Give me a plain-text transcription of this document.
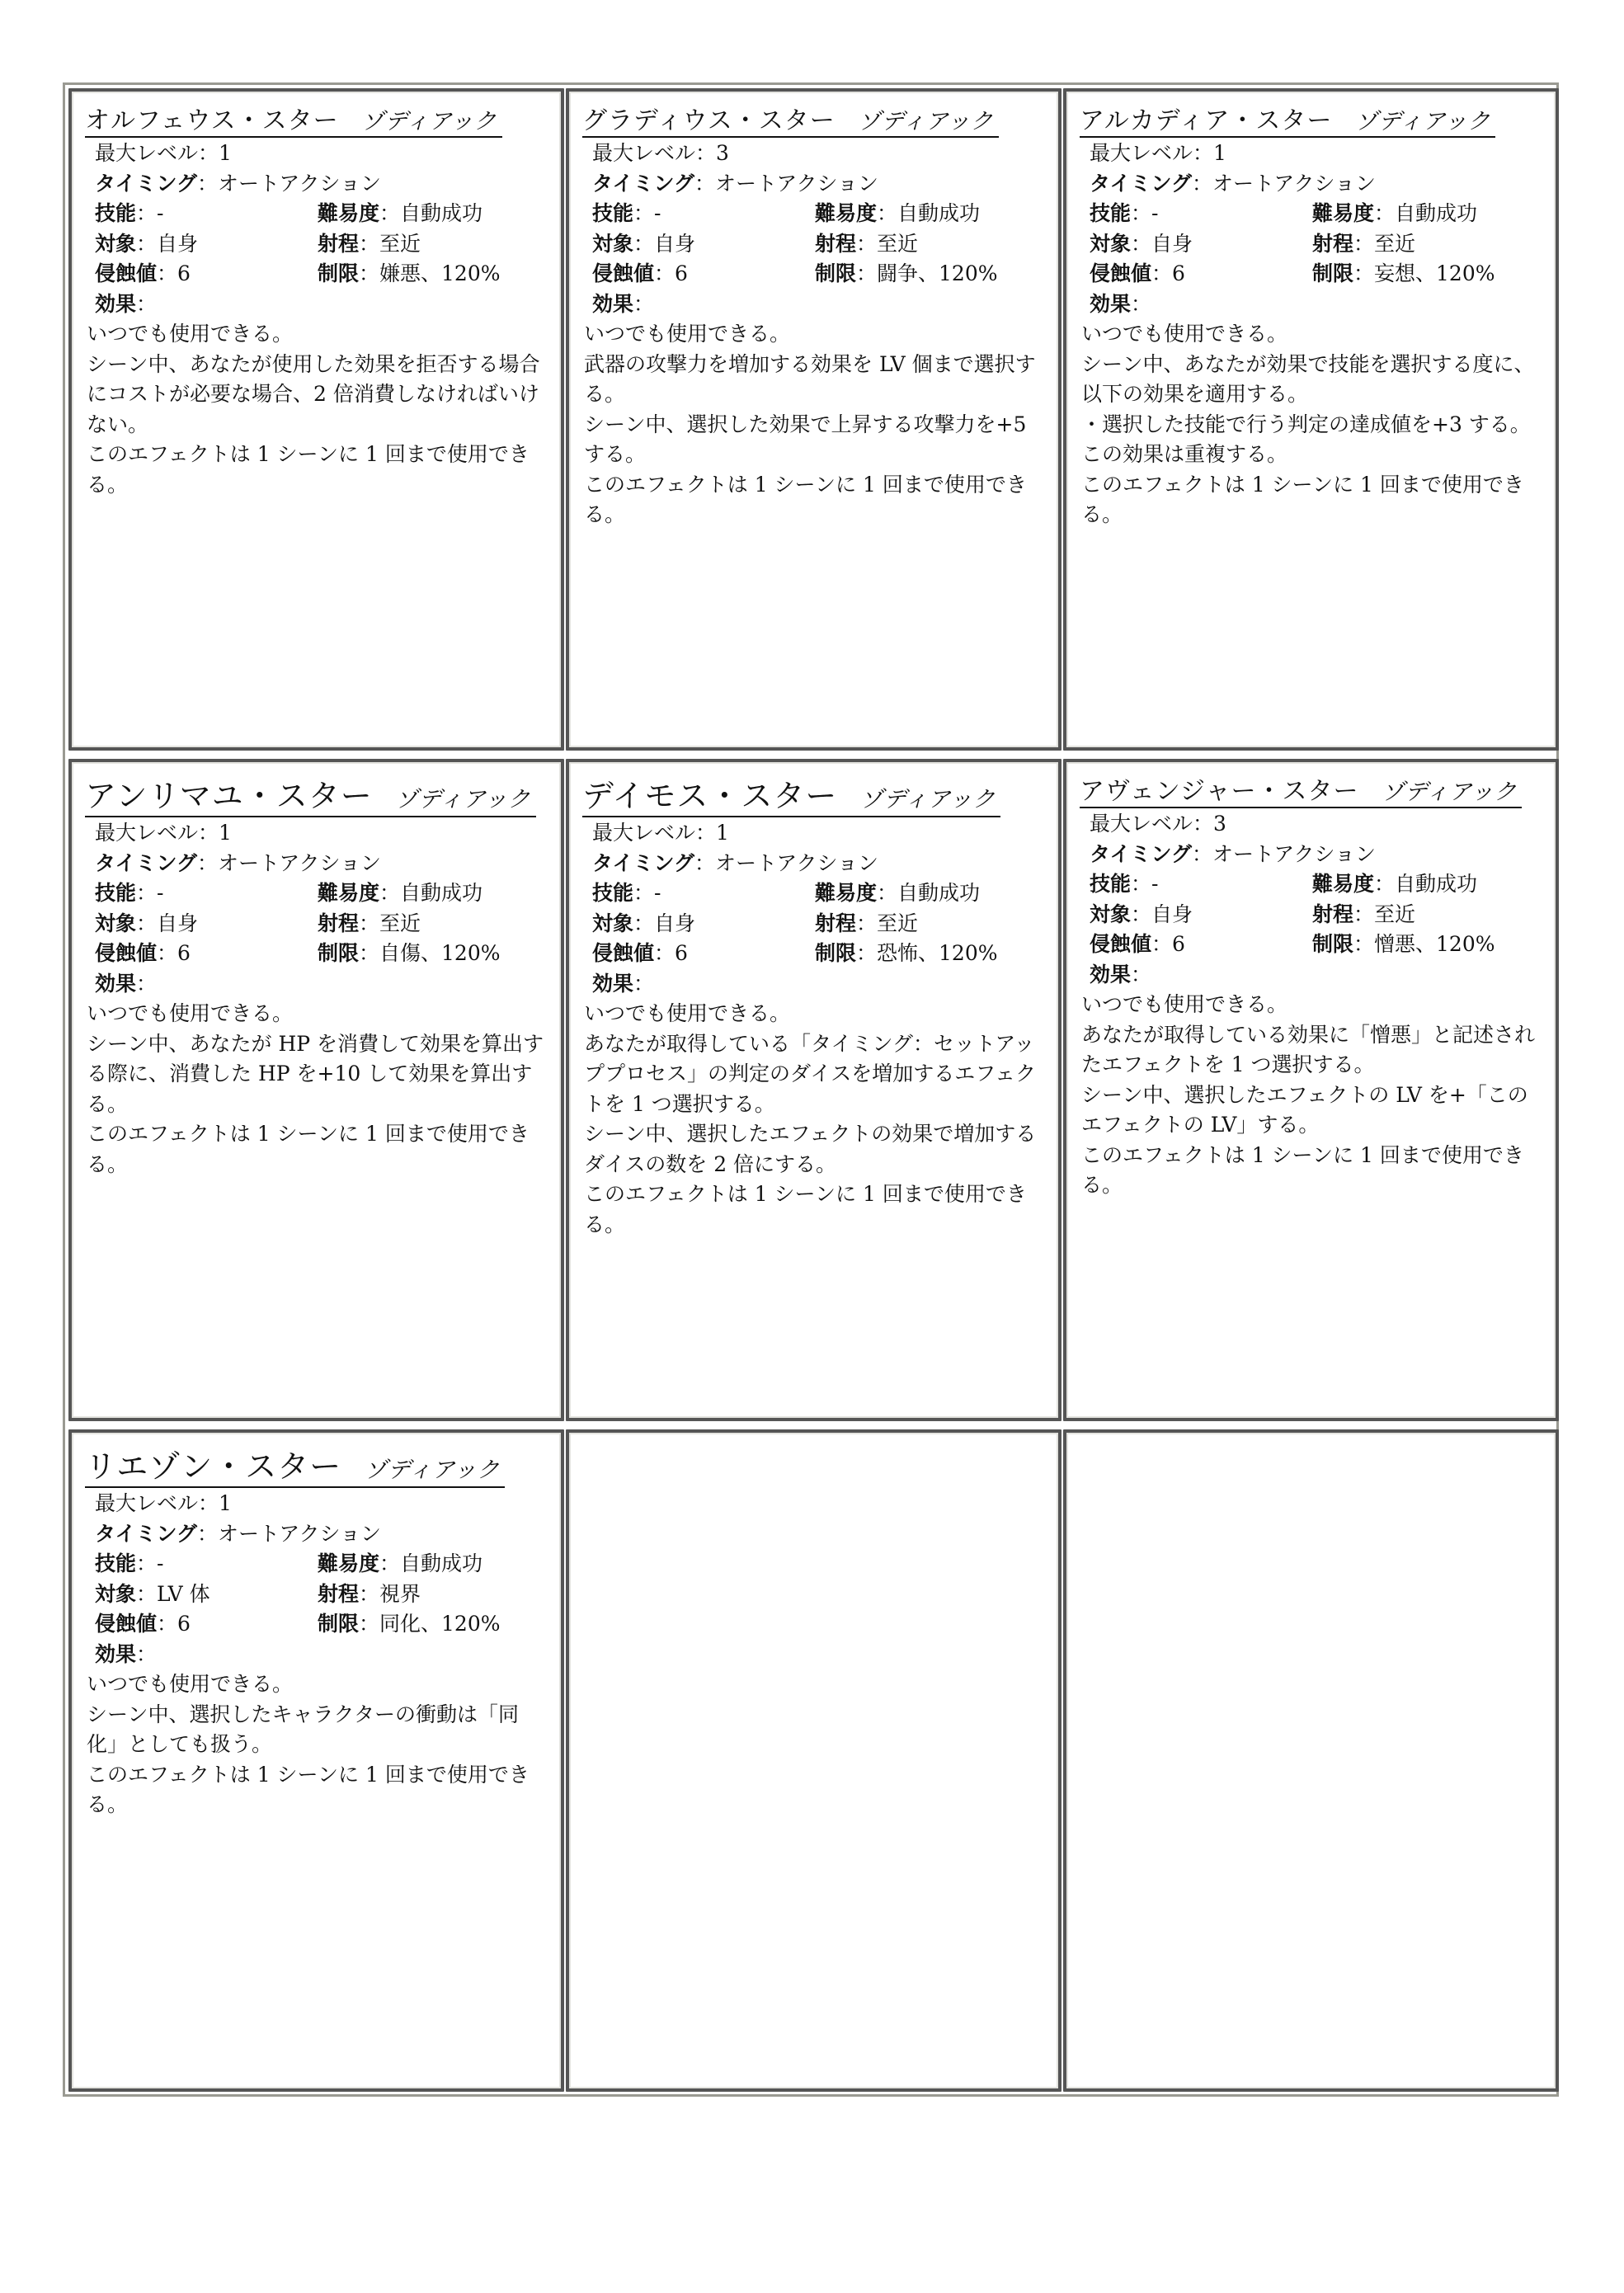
オルフェウス・スター ゾディアック
最大レベル：1
タイミング：オートアクション
技能：-	難易度：自動成功
対象：自身	射程：至近
侵蝕値：6	制限：嫌悪、120%
効果：
いつでも使用できる。
シーン中、あなたが使用した効果を拒否する場合にコストが必要な場合、2 倍消費しなければいけない。
このエフェクトは 1 シーンに 1 回まで使用できる。
グラディウス・スター ゾディアック
最大レベル：3
タイミング：オートアクション
技能：-	難易度：自動成功
対象：自身	射程：至近
侵蝕値：6	制限：闘争、120%
効果：
いつでも使用できる。
武器の攻撃力を増加する効果を LV 個まで選択する。
シーン中、選択した効果で上昇する攻撃力を+5 する。
このエフェクトは 1 シーンに 1 回まで使用できる。
アルカディア・スター ゾディアック
最大レベル：1
タイミング：オートアクション
技能：-	難易度：自動成功
対象：自身	射程：至近
侵蝕値：6	制限：妄想、120%
効果：
いつでも使用できる。
シーン中、あなたが効果で技能を選択する度に、以下の効果を適用する。
・選択した技能で行う判定の達成値を+3 する。この効果は重複する。
このエフェクトは 1 シーンに 1 回まで使用できる。
アンリマユ・スター ゾディアック
最大レベル：1
タイミング：オートアクション
技能：-	難易度：自動成功
対象：自身	射程：至近
侵蝕値：6	制限：自傷、120%
効果：
いつでも使用できる。
シーン中、あなたが HP を消費して効果を算出する際に、消費した HP を+10 して効果を算出する。
このエフェクトは 1 シーンに 1 回まで使用できる。
デイモス・スター ゾディアック
最大レベル：1
タイミング：オートアクション
技能：-	難易度：自動成功
対象：自身	射程：至近
侵蝕値：6	制限：恐怖、120%
効果：
いつでも使用できる。
あなたが取得している「タイミング：セットアッププロセス」の判定のダイスを増加するエフェクトを 1 つ選択する。
シーン中、選択したエフェクトの効果で増加するダイスの数を 2 倍にする。
このエフェクトは 1 シーンに 1 回まで使用できる。
アヴェンジャー・スター ゾディアック
最大レベル：3
タイミング：オートアクション
技能：-	難易度：自動成功
対象：自身	射程：至近
侵蝕値：6	制限：憎悪、120%
効果：
いつでも使用できる。
あなたが取得している効果に「憎悪」と記述されたエフェクトを 1 つ選択する。
シーン中、選択したエフェクトの LV を+「このエフェクトの LV」する。
このエフェクトは 1 シーンに 1 回まで使用できる。
リエゾン・スター ゾディアック
最大レベル：1
タイミング：オートアクション
技能：-	難易度：自動成功
対象：LV 体	射程：視界
侵蝕値：6	制限：同化、120%
効果：
いつでも使用できる。
シーン中、選択したキャラクターの衝動は「同化」としても扱う。
このエフェクトは 1 シーンに 1 回まで使用できる。
